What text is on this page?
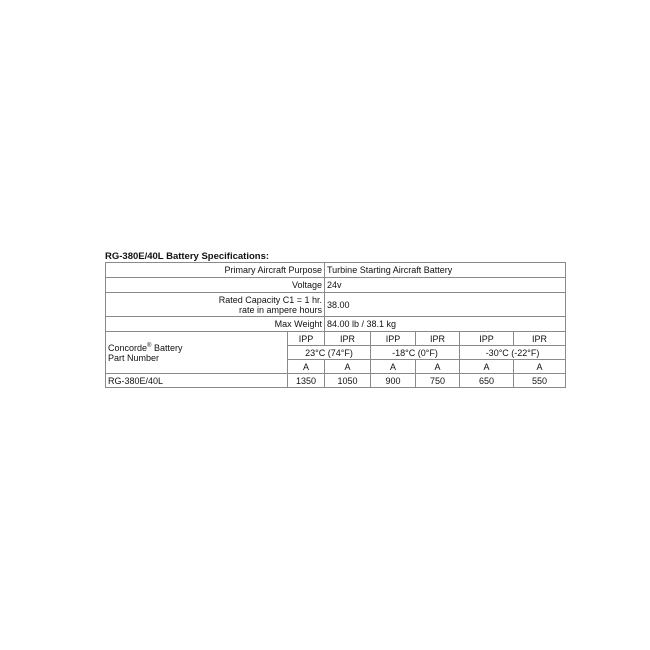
RG-380E/40L Battery Specifications:
Primary Aircraft Purpose		Turbine Starting Aircraft Battery				
Voltage		24v				
Rated Capacity C1 = 1 hr.
rate in ampere hours		38.00				
Max Weight		84.00 lb / 38.1 kg				
Concorde® Battery
Part Number	IPP	IPR	IPP	IPR	IPP	IPR
	23°C (74°F)		-18°C (0°F)		-30°C (-22°F)	
	A	A	A	A	A	A
RG-380E/40L	1350	1050	900	750	650	550
